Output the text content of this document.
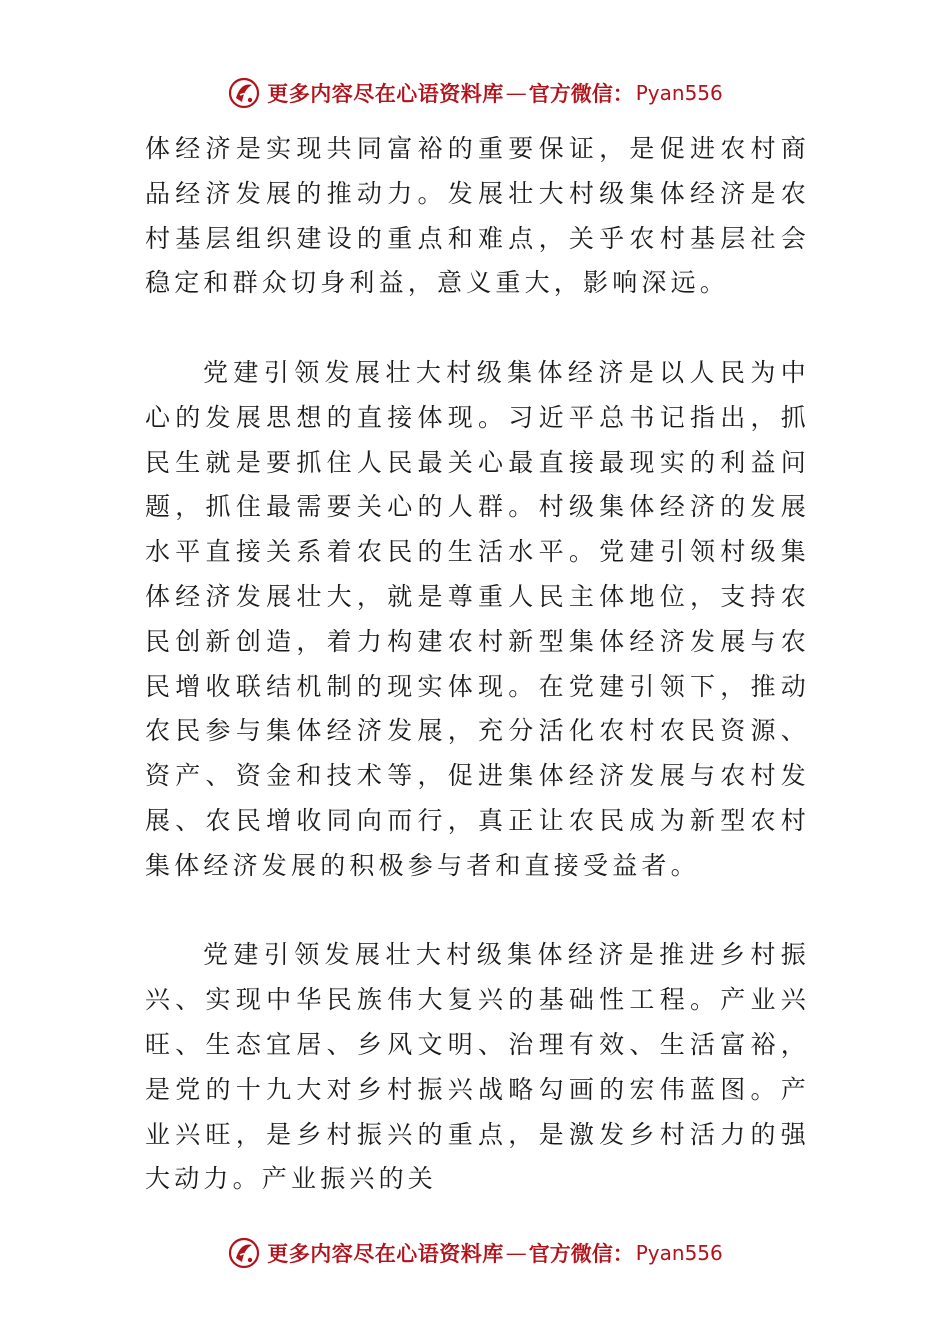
更多内容尽在心语资料库 — 官方微信： Pyan556

体经济是实现共同富裕的重要保证，是促进农村商品经济发展的推动力。发展壮大村级集体经济是农村基层组织建设的重点和难点，关乎农村基层社会稳定和群众切身利益，意义重大，影响深远。

党建引领发展壮大村级集体经济是以人民为中心的发展思想的直接体现。习近平总书记指出，抓民生就是要抓住人民最关心最直接最现实的利益问题，抓住最需要关心的人群。村级集体经济的发展水平直接关系着农民的生活水平。党建引领村级集体经济发展壮大，就是尊重人民主体地位，支持农民创新创造，着力构建农村新型集体经济发展与农民增收联结机制的现实体现。在党建引领下，推动农民参与集体经济发展，充分活化农村农民资源、资产、资金和技术等，促进集体经济发展与农村发展、农民增收同向而行，真正让农民成为新型农村集体经济发展的积极参与者和直接受益者。

党建引领发展壮大村级集体经济是推进乡村振兴、实现中华民族伟大复兴的基础性工程。产业兴旺、生态宜居、乡风文明、治理有效、生活富裕，是党的十九大对乡村振兴战略勾画的宏伟蓝图。产业兴旺，是乡村振兴的重点，是激发乡村活力的强大动力。产业振兴的关

更多内容尽在心语资料库 — 官方微信： Pyan556
